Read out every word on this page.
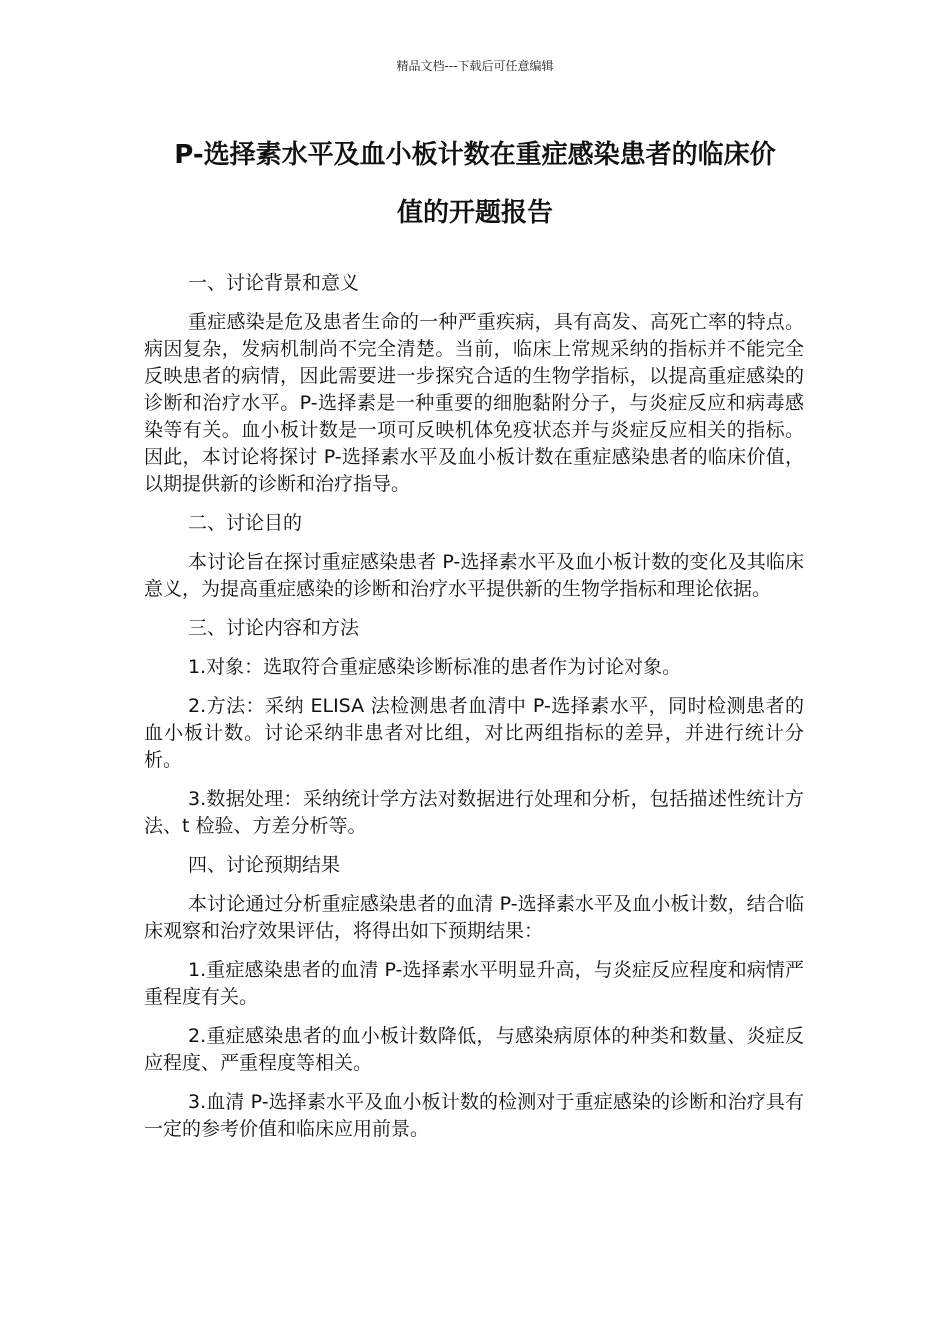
精品文档---下载后可任意编辑
P-选择素水平及血小板计数在重症感染患者的临床价
值的开题报告
一、讨论背景和意义
重症感染是危及患者生命的一种严重疾病，具有高发、高死亡率的特点。病因复杂，发病机制尚不完全清楚。当前，临床上常规采纳的指标并不能完全反映患者的病情，因此需要进一步探究合适的生物学指标，以提高重症感染的诊断和治疗水平。P-选择素是一种重要的细胞黏附分子，与炎症反应和病毒感染等有关。血小板计数是一项可反映机体免疫状态并与炎症反应相关的指标。因此，本讨论将探讨 P-选择素水平及血小板计数在重症感染患者的临床价值，以期提供新的诊断和治疗指导。
二、讨论目的
本讨论旨在探讨重症感染患者 P-选择素水平及血小板计数的变化及其临床意义，为提高重症感染的诊断和治疗水平提供新的生物学指标和理论依据。
三、讨论内容和方法
1.对象：选取符合重症感染诊断标准的患者作为讨论对象。
2.方法：采纳 ELISA 法检测患者血清中 P-选择素水平，同时检测患者的血小板计数。讨论采纳非患者对比组，对比两组指标的差异，并进行统计分析。
3.数据处理：采纳统计学方法对数据进行处理和分析，包括描述性统计方法、t 检验、方差分析等。
四、讨论预期结果
本讨论通过分析重症感染患者的血清 P-选择素水平及血小板计数，结合临床观察和治疗效果评估，将得出如下预期结果：
1.重症感染患者的血清 P-选择素水平明显升高，与炎症反应程度和病情严重程度有关。
2.重症感染患者的血小板计数降低，与感染病原体的种类和数量、炎症反应程度、严重程度等相关。
3.血清 P-选择素水平及血小板计数的检测对于重症感染的诊断和治疗具有一定的参考价值和临床应用前景。
